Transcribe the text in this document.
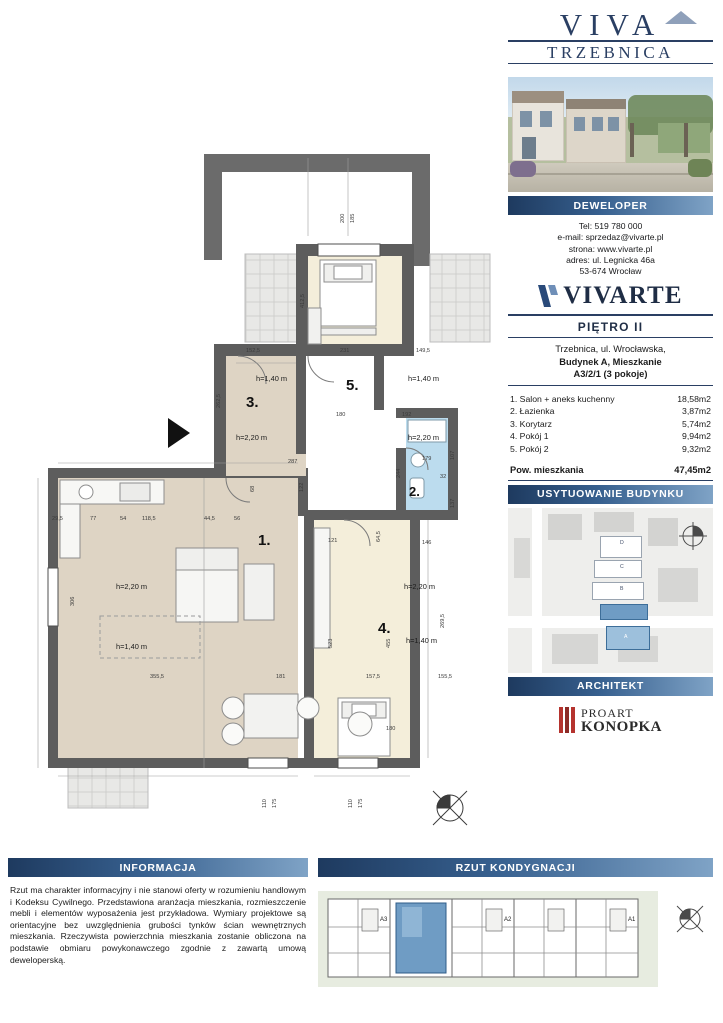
5.
3.
2.
1.
4.
h=1,40 m	h=1,40 m
h=2,20 m	h=2,20 m
h=2,20 m
h=1,40 m
h=2,20 m
h=1,40 m
200 185
231
412,5
149,5
180	192
152,5
262,5
68	122
287	179	107
244	32
137
146
64,5
121
29,5	77	54	118,5	44,5	56
306
355,5	181
523
157,5
455
155,5
269,5
180
110 175	110 175
VIVA
TRZEBNICA
DEWELOPER
Tel: 519 780 000
e-mail: sprzedaz@vivarte.pl
strona: www.vivarte.pl
adres: ul. Legnicka 46a
53-674 Wrocław
VIVARTE
PIĘTRO II
Trzebnica, ul. Wrocławska,
Budynek A, Mieszkanie
A3/2/1 (3 pokoje)
1. Salon + aneks kuchenny	18,58m2
2. Łazienka	3,87m2
3. Korytarz	5,74m2
4. Pokój 1	9,94m2
5. Pokój 2	9,32m2
Pow. mieszkania	47,45m2
USYTUOWANIE BUDYNKU
D
C
B
A
ARCHITEKT
PROART
KONOPKA
INFORMACJA
Rzut ma charakter informacyjny i nie stanowi oferty w rozumieniu handlowym i Kodeksu Cywilnego. Przedstawiona aranżacja mieszkania, rozmieszczenie mebli i elementów wyposażenia jest przykładowa. Wymiary projektowe są orientacyjne bez uwzględnienia grubości tynków ścian wewnętrznych mieszkania. Rzeczywista powierzchnia mieszkania zostanie obliczona na podstawie obmiaru powykonawczego zgodnie z zawartą umową deweloperską.
RZUT KONDYGNACJI
A3	A2	A1
